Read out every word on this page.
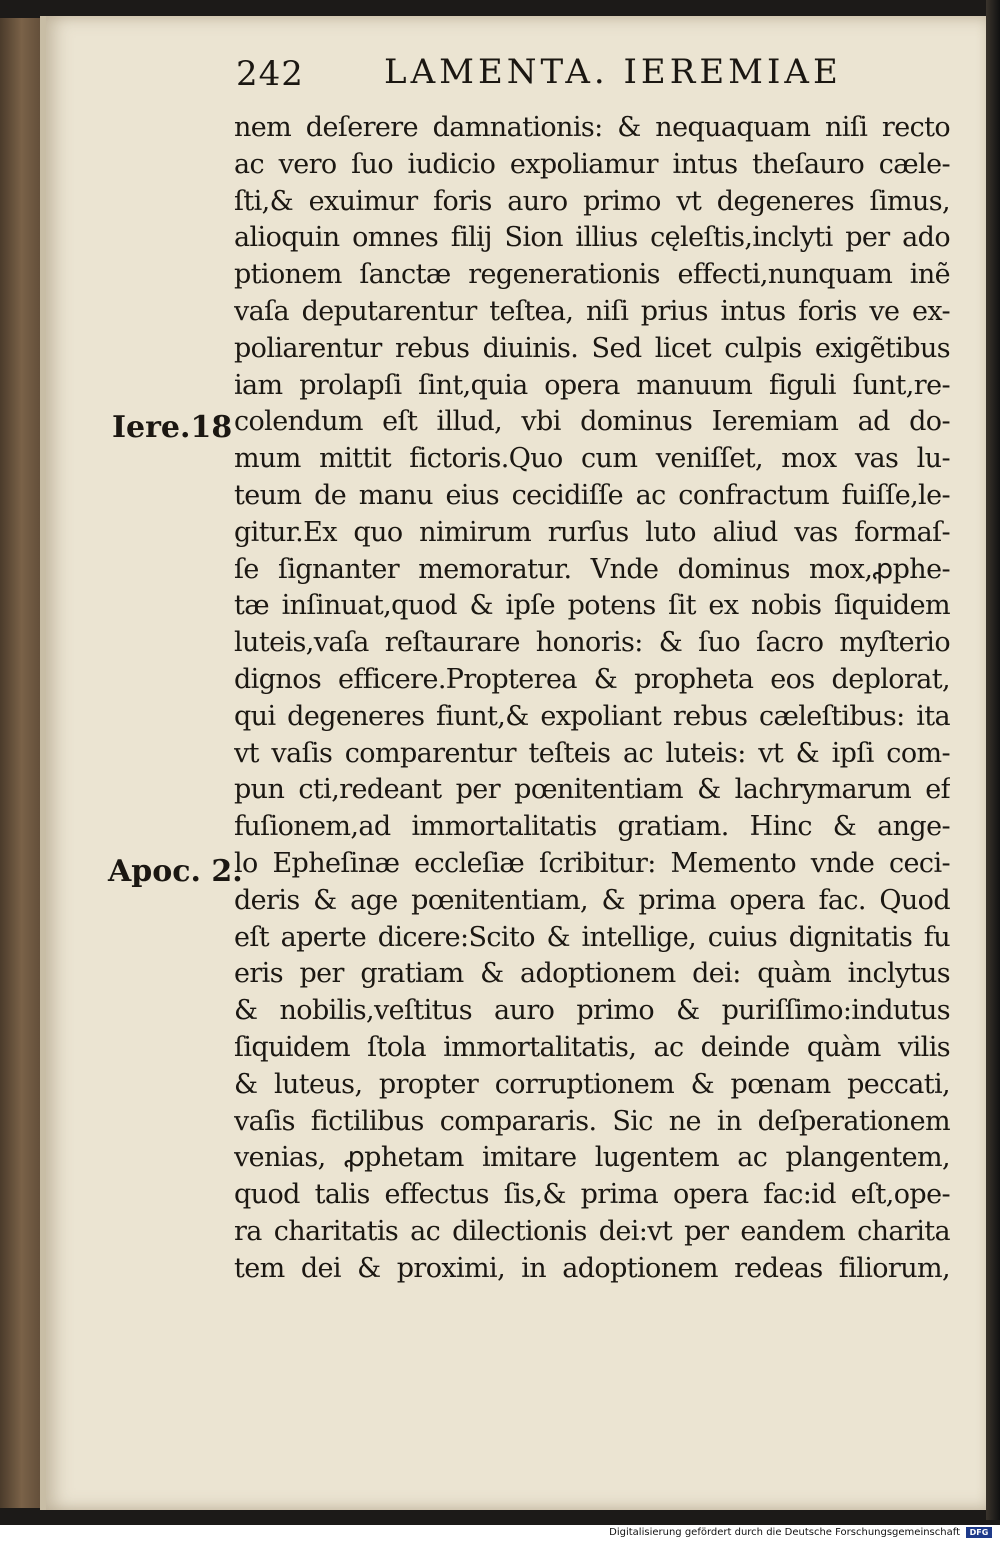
242 LAMENTA. IEREMIAE
Iere.18
Apoc. 2.
nem deſerere damnationis: & nequaquam niſi recto
ac vero ſuo iudicio expoliamur intus theſauro cæle-
ſti,& exuimur foris auro primo vt degeneres ſimus,
alioquin omnes filij Sion illius cęleſtis,inclyti per ado
ptionem ſanctæ regenerationis effecti,nunquam inẽ
vaſa deputarentur teſtea, niſi prius intus foris ve ex-
poliarentur rebus diuinis. Sed licet culpis exigẽtibus
iam prolapſi ſint,quia opera manuum figuli ſunt,re-
colendum eſt illud, vbi dominus Ieremiam ad do-
mum mittit fictoris.Quo cum veniſſet, mox vas lu-
teum de manu eius cecidiſſe ac confractum fuiſſe,le-
gitur.Ex quo nimirum rurſus luto aliud vas formaſ-
ſe ſignanter memoratur. Vnde dominus mox,ꝓphe-
tæ inſinuat,quod & ipſe potens ſit ex nobis ſiquidem
luteis,vaſa reſtaurare honoris: & ſuo ſacro myſterio
dignos efficere.Propterea & propheta eos deplorat,
qui degeneres fiunt,& expoliant rebus cæleſtibus: ita
vt vaſis comparentur teſteis ac luteis: vt & ipſi com-
pun cti,redeant per pœnitentiam & lachrymarum ef
fuſionem,ad immortalitatis gratiam. Hinc & ange-
lo Epheſinæ eccleſiæ ſcribitur: Memento vnde ceci-
deris & age pœnitentiam, & prima opera fac. Quod
eſt aperte dicere:Scito & intellige, cuius dignitatis fu
eris per gratiam & adoptionem dei: quàm inclytus
& nobilis,veſtitus auro primo & puriſſimo:indutus
ſiquidem ſtola immortalitatis, ac deinde quàm vilis
& luteus, propter corruptionem & pœnam peccati,
vaſis fictilibus compararis. Sic ne in deſperationem
venias, ꝓphetam imitare lugentem ac plangentem,
quod talis effectus ſis,& prima opera fac:id eſt,ope-
ra charitatis ac dilectionis dei:vt per eandem charita
tem dei & proximi, in adoptionem redeas filiorum,
Digitalisierung gefördert durch die Deutsche Forschungsgemeinschaft	DFG
